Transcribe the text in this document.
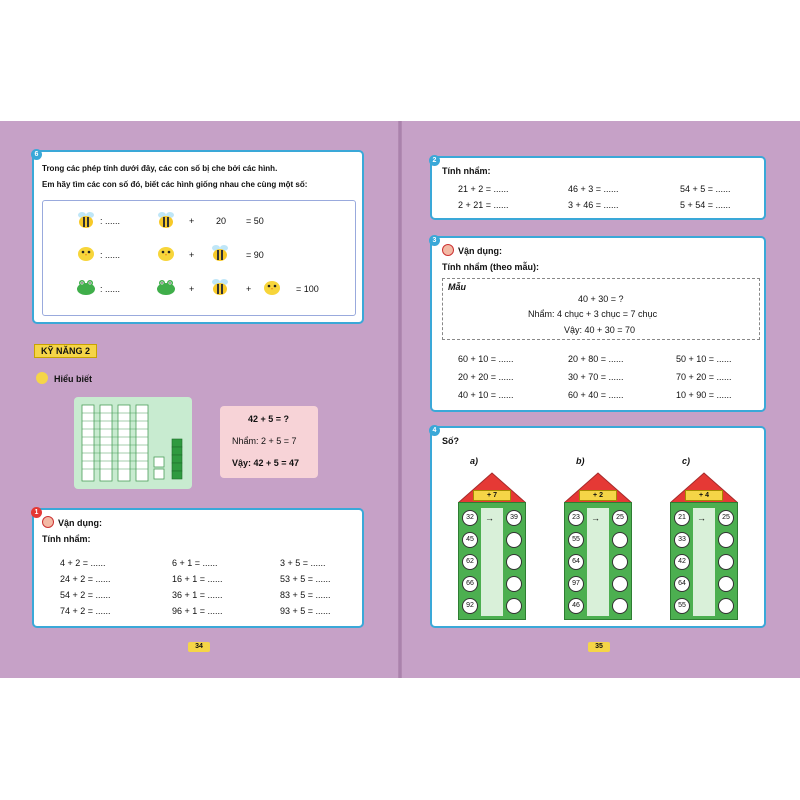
6
Trong các phép tính dưới đây, các con số bị che bởi các hình.
Em hãy tìm các con số đó, biết các hình giống nhau che cùng một số:
: ......	+ 20 = 50
: ......	+	= 90
: ......	+	+	= 100
KỸ NĂNG 2
Hiểu biết
42 + 5 = ?
Nhẩm: 2 + 5 = 7
Vậy: 42 + 5 = 47
1
Vận dụng:
Tính nhẩm:
4 + 2 = ......	6 + 1 = ......	3 + 5 = ......
24 + 2 = ......	16 + 1 = ......	53 + 5 = ......
54 + 2 = ......	36 + 1 = ......	83 + 5 = ......
74 + 2 = ......	96 + 1 = ......	93 + 5 = ......
34
2
Tính nhẩm:
21 + 2 = ......	46 + 3 = ......	54 + 5 = ......
2 + 21 = ......	3 + 46 = ......	5 + 54 = ......
3
Vận dụng:
Tính nhẩm (theo mẫu):
Mẫu
40 + 30 = ?
Nhẩm: 4 chục + 3 chục = 7 chục
Vậy: 40 + 30 = 70
60 + 10 = ......	20 + 80 = ......	50 + 10 = ......
20 + 20 = ......	30 + 70 = ......	70 + 20 = ......
40 + 10 = ......	60 + 40 = ......	10 + 90 = ......
4
Số?
a)
+ 7
32
45
62
66
92
39
→
b)
+ 2
23
55
64
97
46
25
→
c)
+ 4
21
33
42
64
55
25
→
35
